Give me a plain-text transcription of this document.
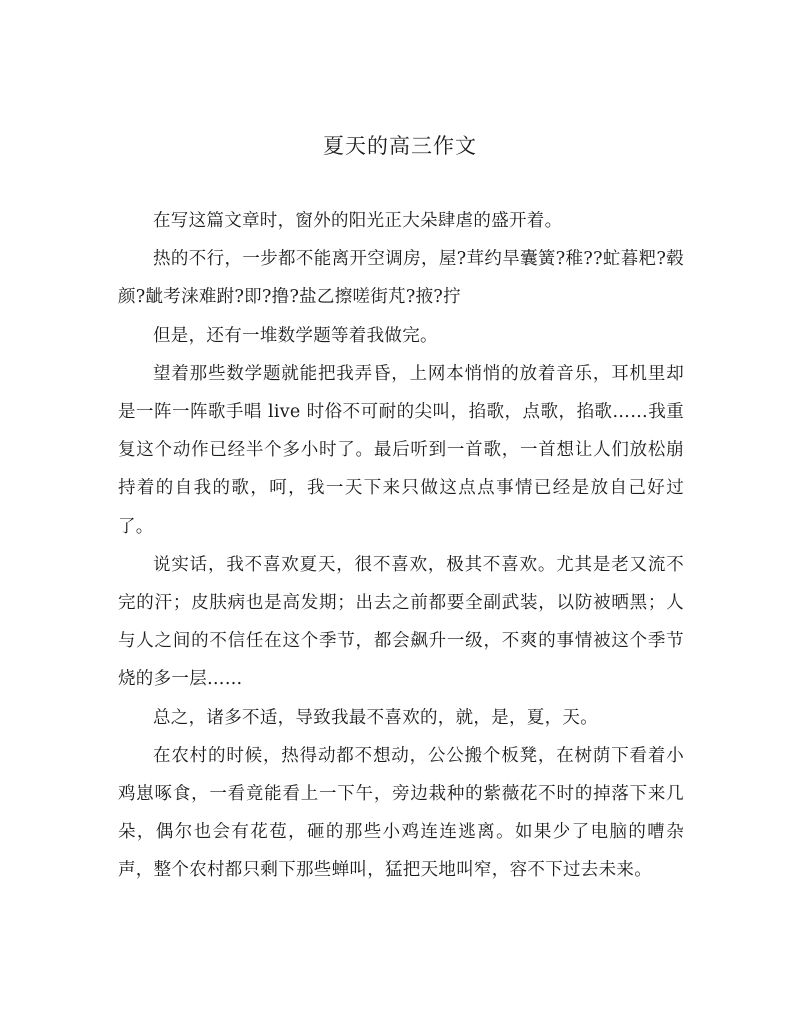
夏天的高三作文

在写这篇文章时，窗外的阳光正大朵肆虐的盛开着。

热的不行，一步都不能离开空调房，屋?茸约旱囊簧?稚??虻暮粑?毂颜?龇考涞难跗?即?撸?盐乙擦嗟街芃?掖?拧

但是，还有一堆数学题等着我做完。

望着那些数学题就能把我弄昏，上网本悄悄的放着音乐，耳机里却是一阵一阵歌手唱 live 时俗不可耐的尖叫，掐歌，点歌，掐歌……我重复这个动作已经半个多小时了。最后听到一首歌，一首想让人们放松崩持着的自我的歌，呵，我一天下来只做这点点事情已经是放自己好过了。

说实话，我不喜欢夏天，很不喜欢，极其不喜欢。尤其是老又流不完的汗；皮肤病也是高发期；出去之前都要全副武装，以防被晒黑；人与人之间的不信任在这个季节，都会飙升一级，不爽的事情被这个季节烧的多一层……

总之，诸多不适，导致我最不喜欢的，就，是，夏，天。

在农村的时候，热得动都不想动，公公搬个板凳，在树荫下看着小鸡崽啄食，一看竟能看上一下午，旁边栽种的紫薇花不时的掉落下来几朵，偶尔也会有花苞，砸的那些小鸡连连逃离。如果少了电脑的嘈杂声，整个农村都只剩下那些蝉叫，猛把天地叫窄，容不下过去未来。
